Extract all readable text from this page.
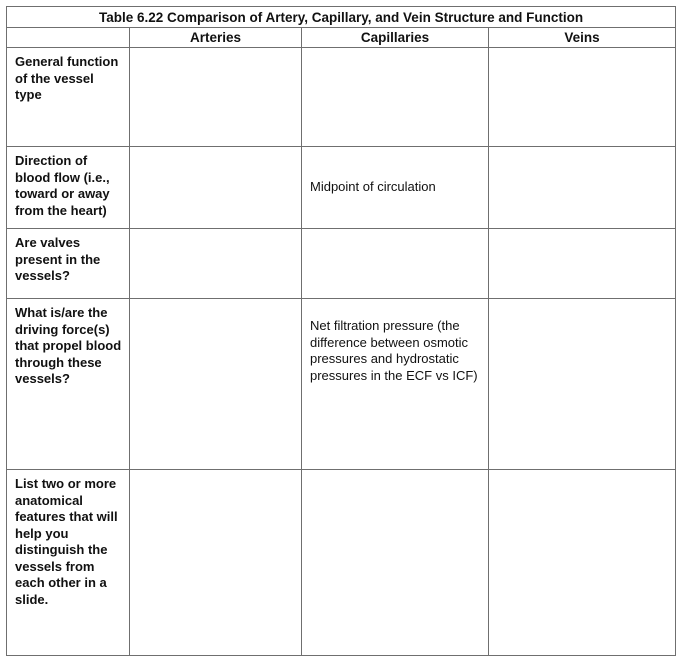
Table 6.22 Comparison of Artery, Capillary, and Vein Structure and Function			
	Arteries	Capillaries	Veins
General function of the vessel type	

Direction of blood flow (i.e., toward or away from the heart)		Midpoint of circulation	

Are valves present in the vessels?	

What is/are the driving force(s) that propel blood through these vessels?		Net filtration pressure (the difference between osmotic pressures and hydrostatic pressures in the ECF vs ICF)	

List two or more anatomical features that will help you distinguish the vessels from each other in a slide.	
